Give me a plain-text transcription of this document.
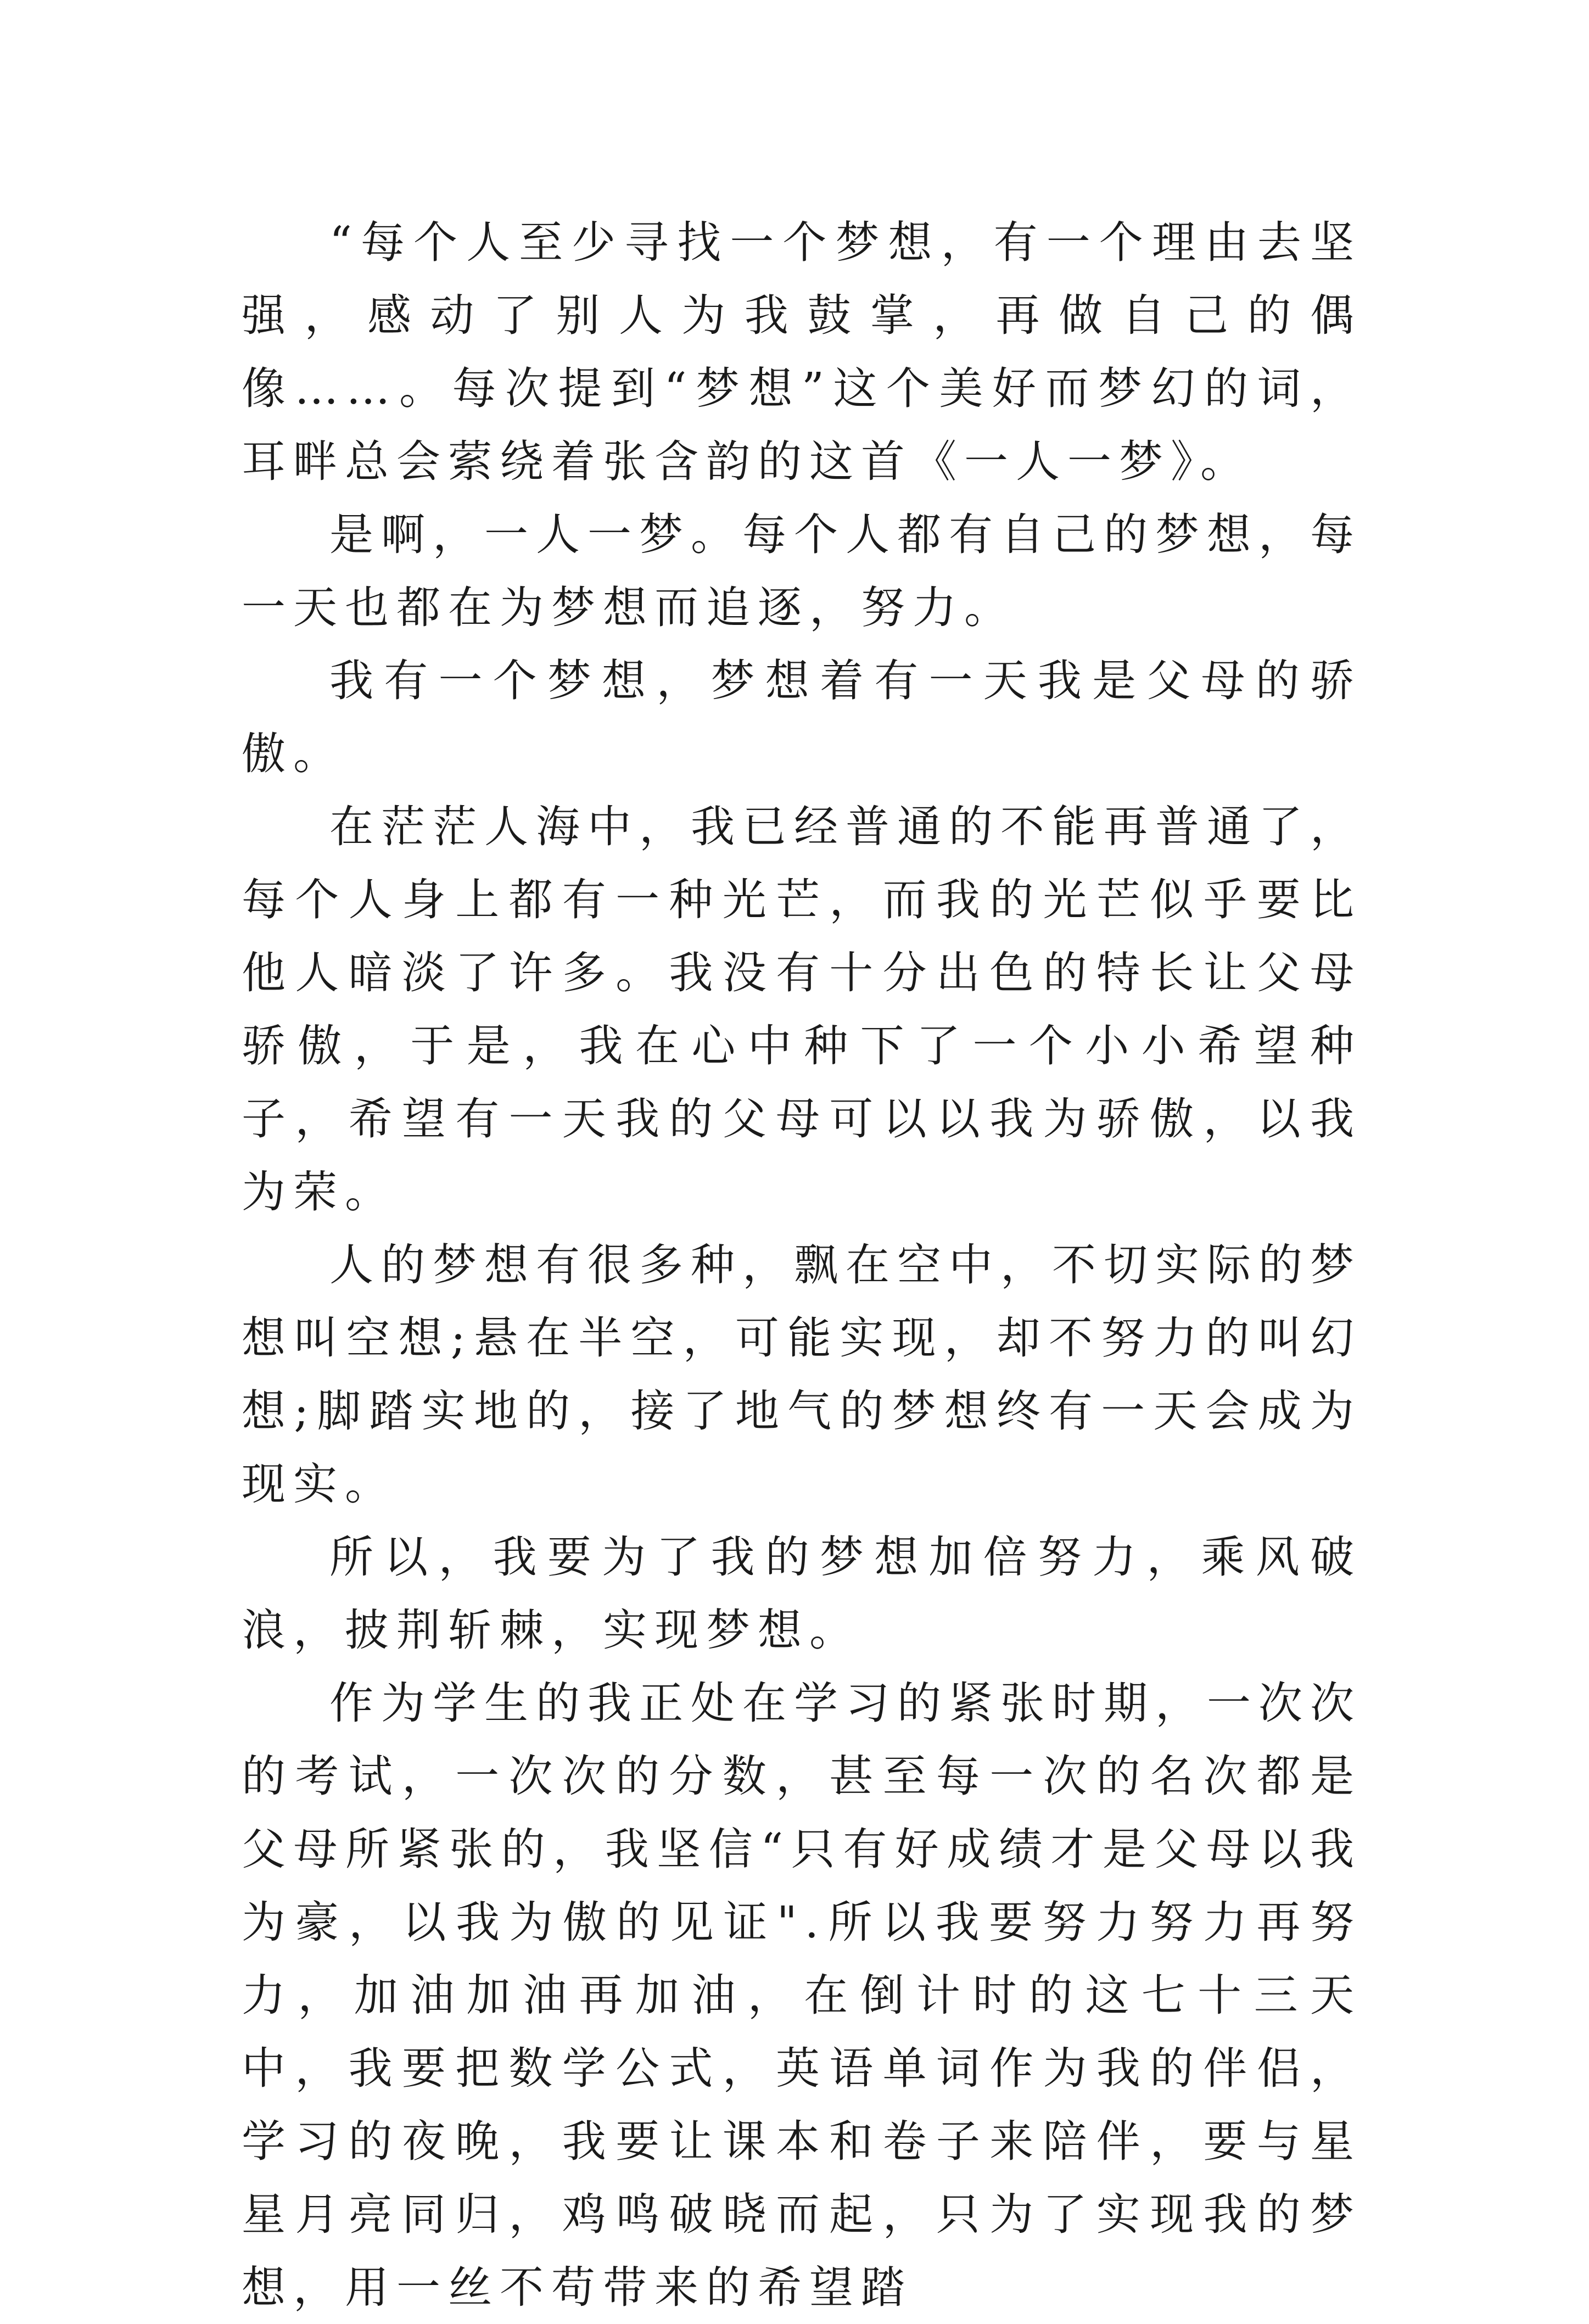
“每个人至少寻找一个梦想，有一个理由去坚强，感动了别人为我鼓掌，再做自己的偶像……。每次提到“梦想”这个美好而梦幻的词，耳畔总会萦绕着张含韵的这首《一人一梦》。

是啊，一人一梦。每个人都有自己的梦想，每一天也都在为梦想而追逐，努力。

我有一个梦想，梦想着有一天我是父母的骄傲。

在茫茫人海中，我已经普通的不能再普通了，每个人身上都有一种光芒，而我的光芒似乎要比他人暗淡了许多。我没有十分出色的特长让父母骄傲，于是，我在心中种下了一个小小希望种子，希望有一天我的父母可以以我为骄傲，以我为荣。

人的梦想有很多种，飘在空中，不切实际的梦想叫空想;悬在半空，可能实现，却不努力的叫幻想;脚踏实地的，接了地气的梦想终有一天会成为现实。

所以，我要为了我的梦想加倍努力，乘风破浪，披荆斩棘，实现梦想。

作为学生的我正处在学习的紧张时期，一次次的考试，一次次的分数，甚至每一次的名次都是父母所紧张的，我坚信“只有好成绩才是父母以我为豪，以我为傲的见证".所以我要努力努力再努力，加油加油再加油，在倒计时的这七十三天中，我要把数学公式，英语单词作为我的伴侣，学习的夜晚，我要让课本和卷子来陪伴，要与星星月亮同归，鸡鸣破晓而起，只为了实现我的梦想，用一丝不苟带来的希望踏
